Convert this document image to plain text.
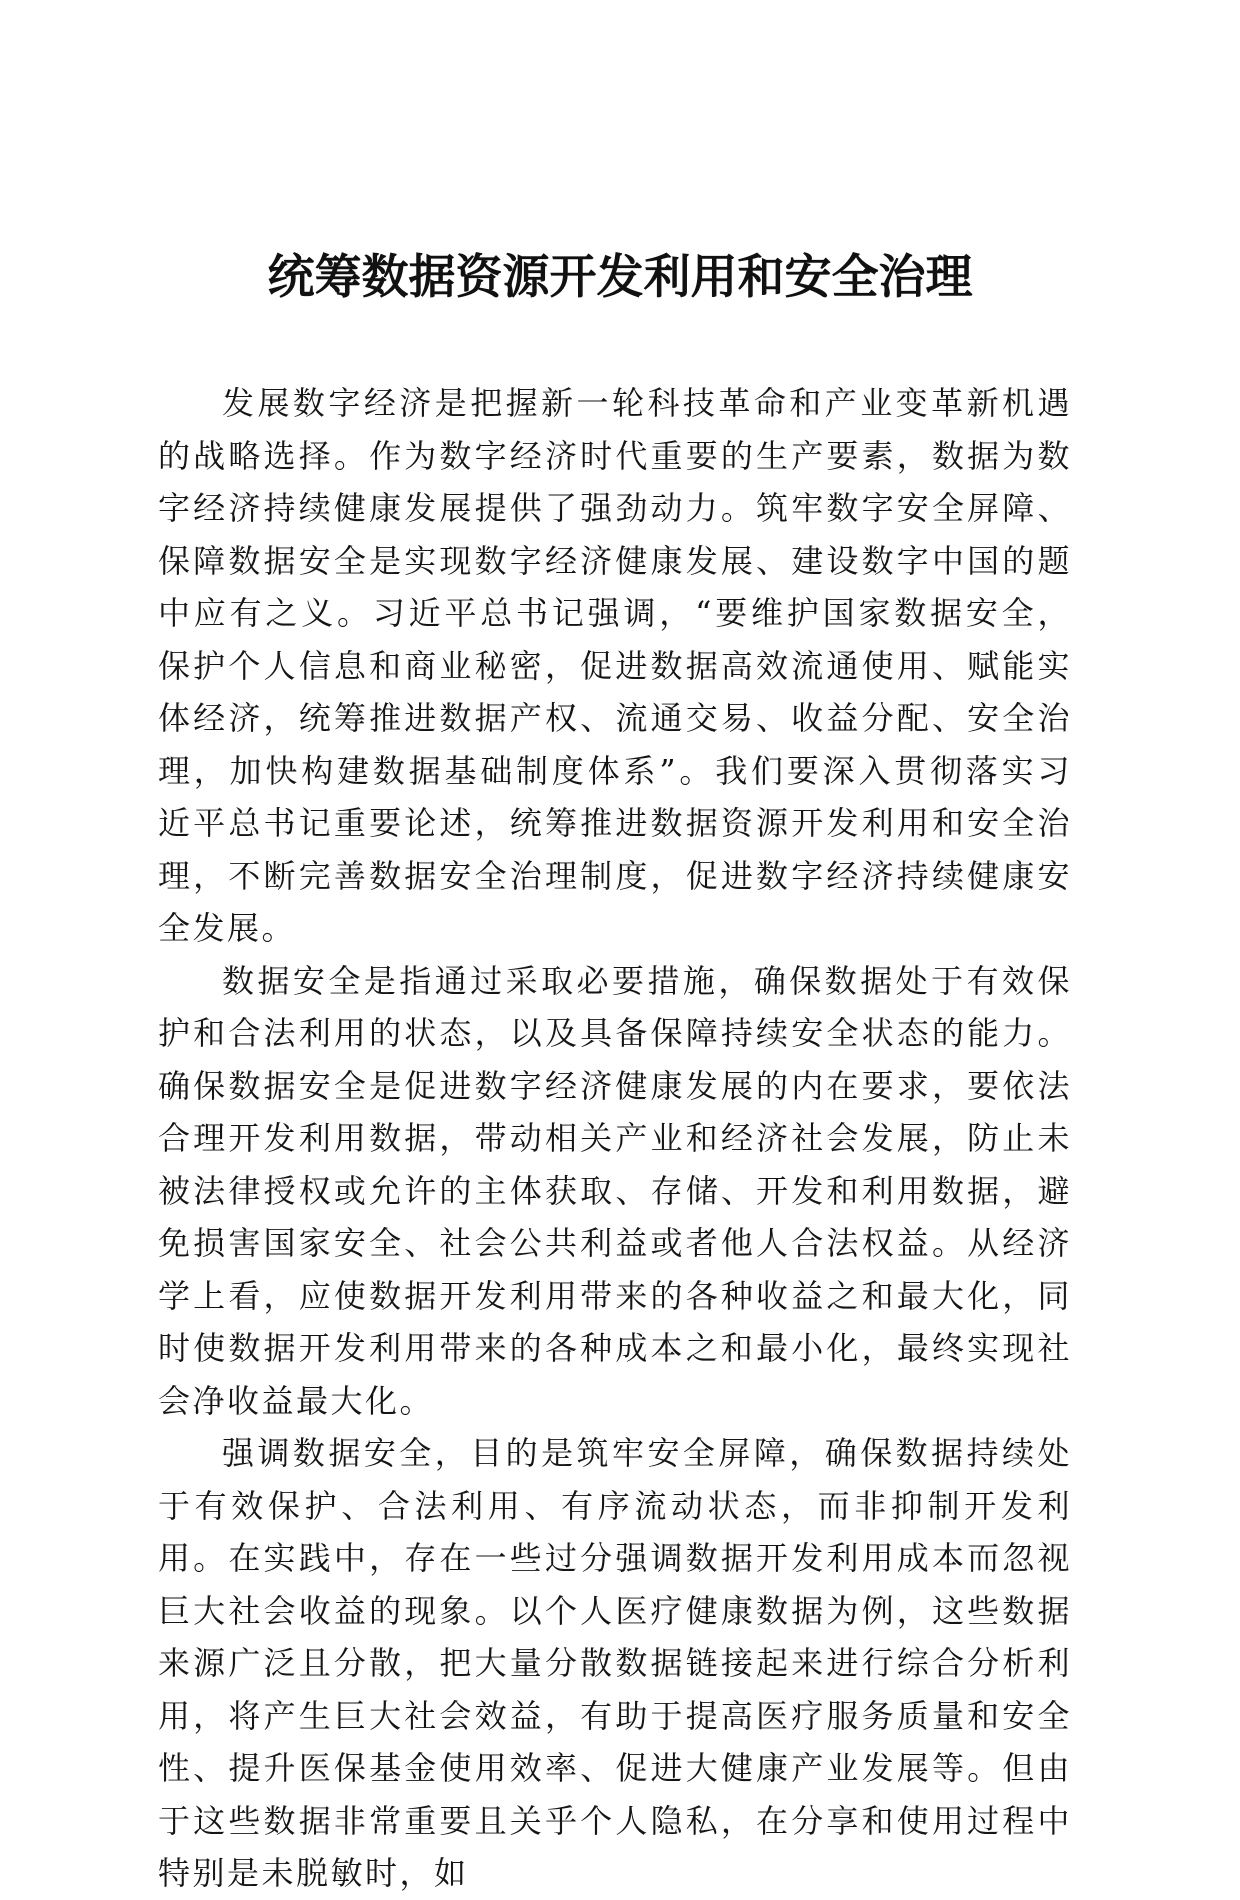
统筹数据资源开发利用和安全治理

发展数字经济是把握新一轮科技革命和产业变革新机遇的战略选择。作为数字经济时代重要的生产要素，数据为数字经济持续健康发展提供了强劲动力。筑牢数字安全屏障、保障数据安全是实现数字经济健康发展、建设数字中国的题中应有之义。习近平总书记强调，“要维护国家数据安全，保护个人信息和商业秘密，促进数据高效流通使用、赋能实体经济，统筹推进数据产权、流通交易、收益分配、安全治理，加快构建数据基础制度体系”。我们要深入贯彻落实习近平总书记重要论述，统筹推进数据资源开发利用和安全治理，不断完善数据安全治理制度，促进数字经济持续健康安全发展。

数据安全是指通过采取必要措施，确保数据处于有效保护和合法利用的状态，以及具备保障持续安全状态的能力。确保数据安全是促进数字经济健康发展的内在要求，要依法合理开发利用数据，带动相关产业和经济社会发展，防止未被法律授权或允许的主体获取、存储、开发和利用数据，避免损害国家安全、社会公共利益或者他人合法权益。从经济学上看，应使数据开发利用带来的各种收益之和最大化，同时使数据开发利用带来的各种成本之和最小化，最终实现社会净收益最大化。

强调数据安全，目的是筑牢安全屏障，确保数据持续处于有效保护、合法利用、有序流动状态，而非抑制开发利用。在实践中，存在一些过分强调数据开发利用成本而忽视巨大社会收益的现象。以个人医疗健康数据为例，这些数据来源广泛且分散，把大量分散数据链接起来进行综合分析利用，将产生巨大社会效益，有助于提高医疗服务质量和安全性、提升医保基金使用效率、促进大健康产业发展等。但由于这些数据非常重要且关乎个人隐私，在分享和使用过程中特别是未脱敏时，如
